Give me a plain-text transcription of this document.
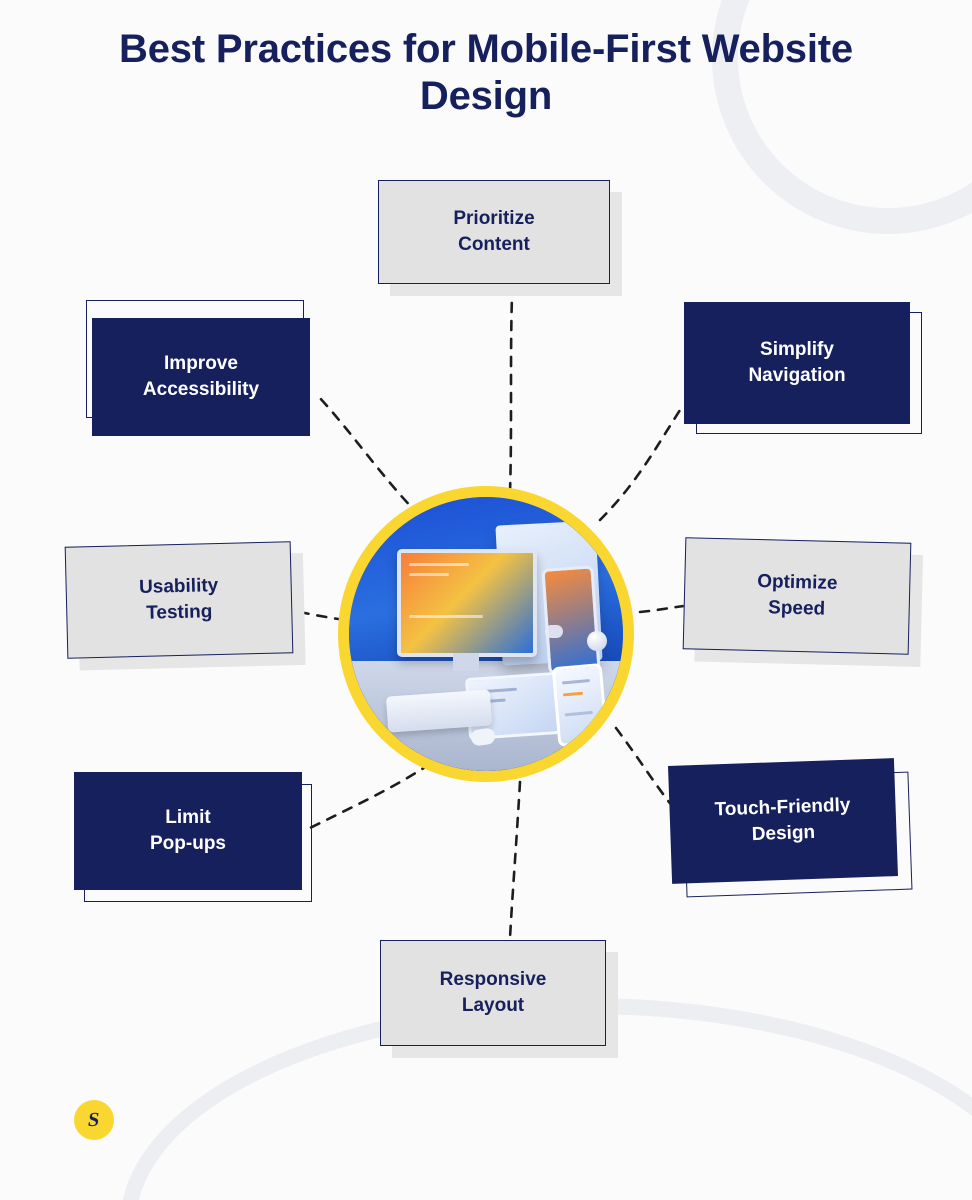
Best Practices for Mobile-First Website Design
Prioritize
Content
Simplify
Navigation
Optimize
Speed
Touch-Friendly
Design
Responsive
Layout
Limit
Pop-ups
Usability
Testing
Improve
Accessibility
S
